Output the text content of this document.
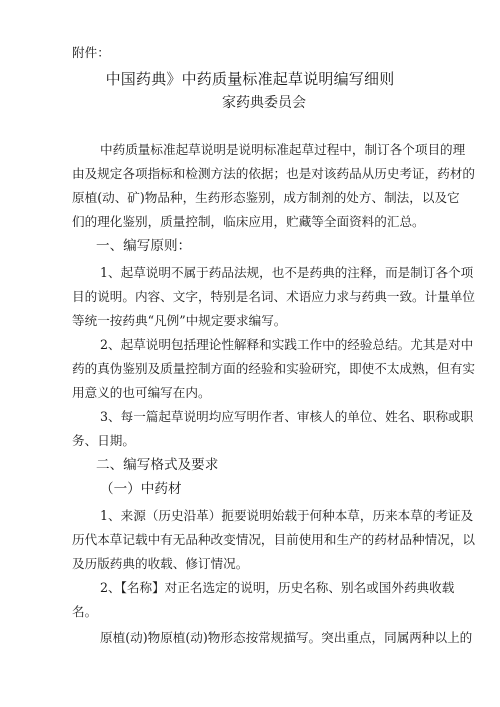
附件：
中国药典》中药质量标准起草说明编写细则
家药典委员会
中药质量标准起草说明是说明标准起草过程中，制订各个项目的理
由及规定各项指标和检测方法的依据；也是对该药品从历史考证，药材的
原植(动、矿)物品种，生药形态鉴别，成方制剂的处方、制法，以及它
们的理化鉴别，质量控制，临床应用，贮藏等全面资料的汇总。
一、编写原则：
1、起草说明不属于药品法规，也不是药典的注释，而是制订各个项
目的说明。内容、文字，特别是名词、术语应力求与药典一致。计量单位
等统一按药典“凡例”中规定要求编写。
2、起草说明包括理论性解释和实践工作中的经验总结。尤其是对中
药的真伪鉴别及质量控制方面的经验和实验研究，即使不太成熟，但有实
用意义的也可编写在内。
3、每一篇起草说明均应写明作者、审核人的单位、姓名、职称或职
务、日期。
二、编写格式及要求
（一）中药材
1、来源（历史沿革）扼要说明始载于何种本草，历来本草的考证及
历代本草记载中有无品种改变情况，目前使用和生产的药材品种情况，以
及历版药典的收载、修订情况。
2、【名称】对正名选定的说明，历史名称、别名或国外药典收载
名。
原植(动)物原植(动)物形态按常规描写。突出重点，同属两种以上的
